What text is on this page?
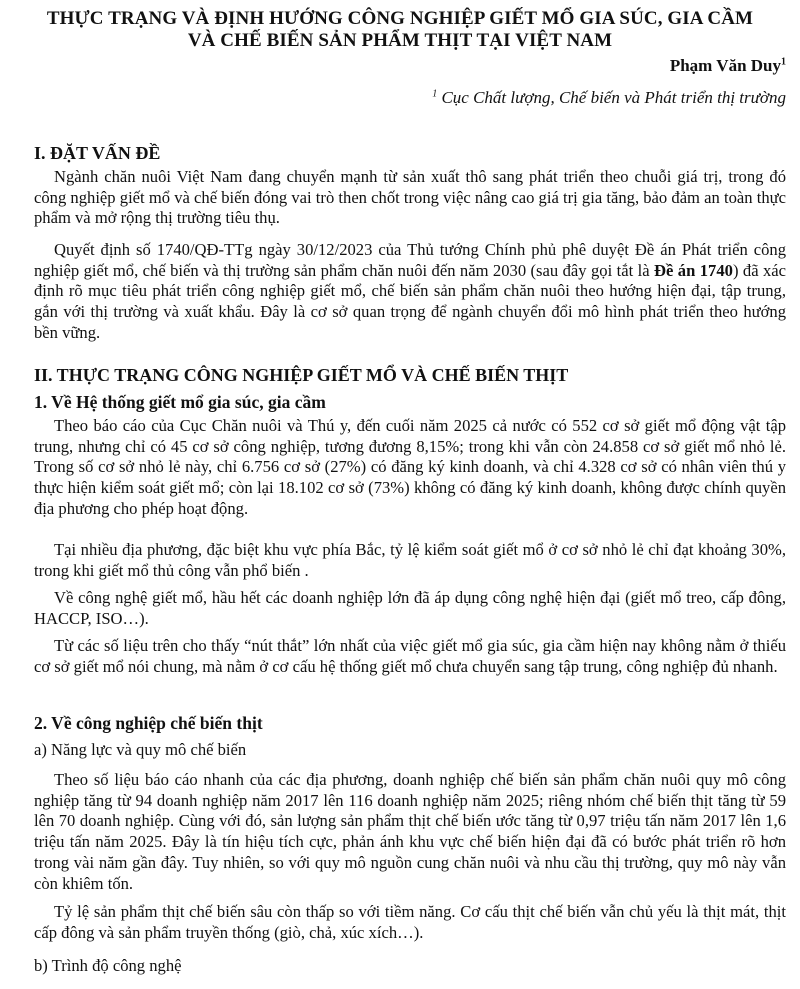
THỰC TRẠNG VÀ ĐỊNH HƯỚNG CÔNG NGHIỆP GIẾT MỔ GIA SÚC, GIA CẦM
VÀ CHẾ BIẾN SẢN PHẨM THỊT TẠI VIỆT NAM
Phạm Văn Duy$^1$
$^1$ Cục Chất lượng, Chế biến và Phát triển thị trường
I. ĐẶT VẤN ĐỀ
Ngành chăn nuôi Việt Nam đang chuyển mạnh từ sản xuất thô sang phát triển theo chuỗi giá trị, trong đó công nghiệp giết mổ và chế biến đóng vai trò then chốt trong việc nâng cao giá trị gia tăng, bảo đảm an toàn thực phẩm và mở rộng thị trường tiêu thụ.
Quyết định số 1740/QĐ-TTg ngày 30/12/2023 của Thủ tướng Chính phủ phê duyệt Đề án Phát triển công nghiệp giết mổ, chế biến và thị trường sản phẩm chăn nuôi đến năm 2030 (sau đây gọi tắt là Đề án 1740) đã xác định rõ mục tiêu phát triển công nghiệp giết mổ, chế biến sản phẩm chăn nuôi theo hướng hiện đại, tập trung, gắn với thị trường và xuất khẩu. Đây là cơ sở quan trọng để ngành chuyển đổi mô hình phát triển theo hướng bền vững.
II. THỰC TRẠNG CÔNG NGHIỆP GIẾT MỔ VÀ CHẾ BIẾN THỊT
1. Về Hệ thống giết mổ gia súc, gia cầm
Theo báo cáo của Cục Chăn nuôi và Thú y, đến cuối năm 2025 cả nước có 552 cơ sở giết mổ động vật tập trung, nhưng chỉ có 45 cơ sở công nghiệp, tương đương 8,15%; trong khi vẫn còn 24.858 cơ sở giết mổ nhỏ lẻ. Trong số cơ sở nhỏ lẻ này, chỉ 6.756 cơ sở (27%) có đăng ký kinh doanh, và chỉ 4.328 cơ sở có nhân viên thú y thực hiện kiểm soát giết mổ; còn lại 18.102 cơ sở (73%) không có đăng ký kinh doanh, không được chính quyền địa phương cho phép hoạt động.
Tại nhiều địa phương, đặc biệt khu vực phía Bắc, tỷ lệ kiểm soát giết mổ ở cơ sở nhỏ lẻ chỉ đạt khoảng 30%, trong khi giết mổ thủ công vẫn phổ biến .
Về công nghệ giết mổ, hầu hết các doanh nghiệp lớn đã áp dụng công nghệ hiện đại (giết mổ treo, cấp đông, HACCP, ISO…).
Từ các số liệu trên cho thấy “nút thắt” lớn nhất của việc giết mổ gia súc, gia cầm hiện nay không nằm ở thiếu cơ sở giết mổ nói chung, mà nằm ở cơ cấu hệ thống giết mổ chưa chuyển sang tập trung, công nghiệp đủ nhanh.
2. Về công nghiệp chế biến thịt
a) Năng lực và quy mô chế biến
Theo số liệu báo cáo nhanh của các địa phương, doanh nghiệp chế biến sản phẩm chăn nuôi quy mô công nghiệp tăng từ 94 doanh nghiệp năm 2017 lên 116 doanh nghiệp năm 2025; riêng nhóm chế biến thịt tăng từ 59 lên 70 doanh nghiệp. Cùng với đó, sản lượng sản phẩm thịt chế biến ước tăng từ 0,97 triệu tấn năm 2017 lên 1,6 triệu tấn năm 2025. Đây là tín hiệu tích cực, phản ánh khu vực chế biến hiện đại đã có bước phát triển rõ hơn trong vài năm gần đây. Tuy nhiên, so với quy mô nguồn cung chăn nuôi và nhu cầu thị trường, quy mô này vẫn còn khiêm tốn.
Tỷ lệ sản phẩm thịt chế biến sâu còn thấp so với tiềm năng. Cơ cấu thịt chế biến vẫn chủ yếu là thịt mát, thịt cấp đông và sản phẩm truyền thống (giò, chả, xúc xích…).
b) Trình độ công nghệ
